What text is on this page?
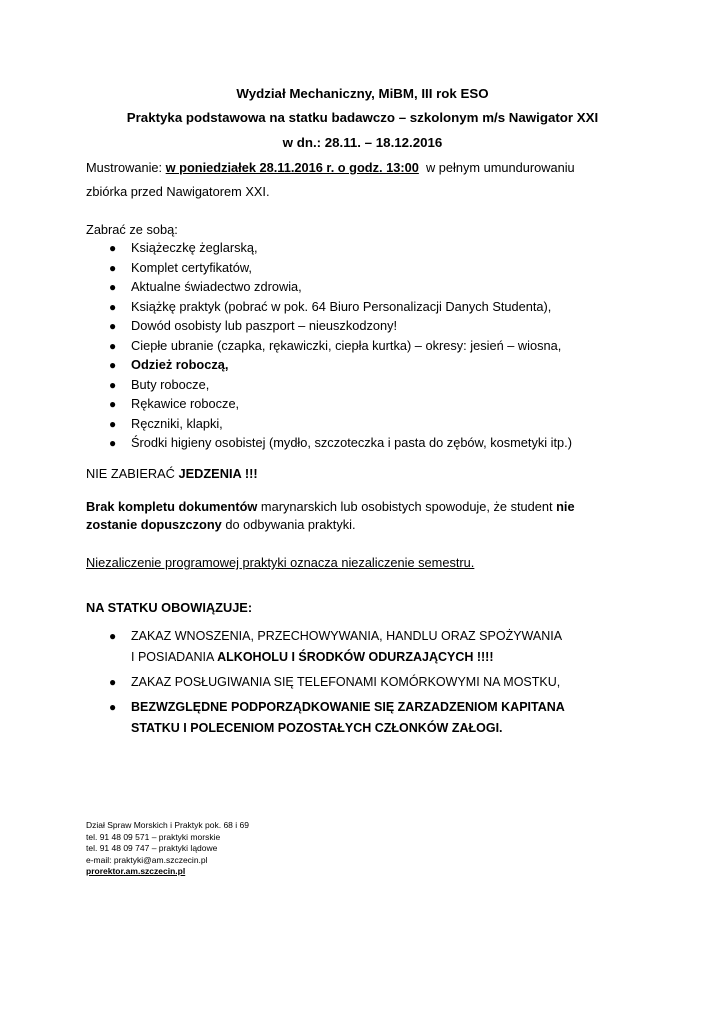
Wydział Mechaniczny, MiBM, III rok ESO
Praktyka podstawowa na statku badawczo – szkolonym m/s Nawigator XXI
w dn.: 28.11. – 18.12.2016
Mustrowanie: w poniedziałek 28.11.2016 r. o godz. 13:00  w pełnym umundurowaniu
zbiórka przed Nawigatorem XXI.
Zabrać ze sobą:
● Książeczkę żeglarską,
● Komplet certyfikatów,
● Aktualne świadectwo zdrowia,
● Książkę praktyk (pobrać w pok. 64 Biuro Personalizacji Danych Studenta),
● Dowód osobisty lub paszport – nieuszkodzony!
● Ciepłe ubranie (czapka, rękawiczki, ciepła kurtka) – okresy: jesień – wiosna,
● Odzież roboczą,
● Buty robocze,
● Rękawice robocze,
● Ręczniki, klapki,
● Środki higieny osobistej (mydło, szczoteczka i pasta do zębów, kosmetyki itp.)
NIE ZABIERAĆ JEDZENIA !!!
Brak kompletu dokumentów marynarskich lub osobistych spowoduje, że student nie
zostanie dopuszczony do odbywania praktyki.
Niezaliczenie programowej praktyki oznacza niezaliczenie semestru.
NA STATKU OBOWIĄZUJE:
● ZAKAZ WNOSZENIA, PRZECHOWYWANIA, HANDLU ORAZ SPOŻYWANIA
I POSIADANIA ALKOHOLU I ŚRODKÓW ODURZAJĄCYCH !!!!
● ZAKAZ POSŁUGIWANIA SIĘ TELEFONAMI KOMÓRKOWYMI NA MOSTKU,
● BEZWZGLĘDNE PODPORZĄDKOWANIE SIĘ ZARZADZENIOM KAPITANA
STATKU I POLECENIOM POZOSTAŁYCH CZŁONKÓW ZAŁOGI.
Dział Spraw Morskich i Praktyk pok. 68 i 69
tel. 91 48 09 571 – praktyki morskie
tel. 91 48 09 747 – praktyki lądowe
e-mail: praktyki@am.szczecin.pl
prorektor.am.szczecin.pl
